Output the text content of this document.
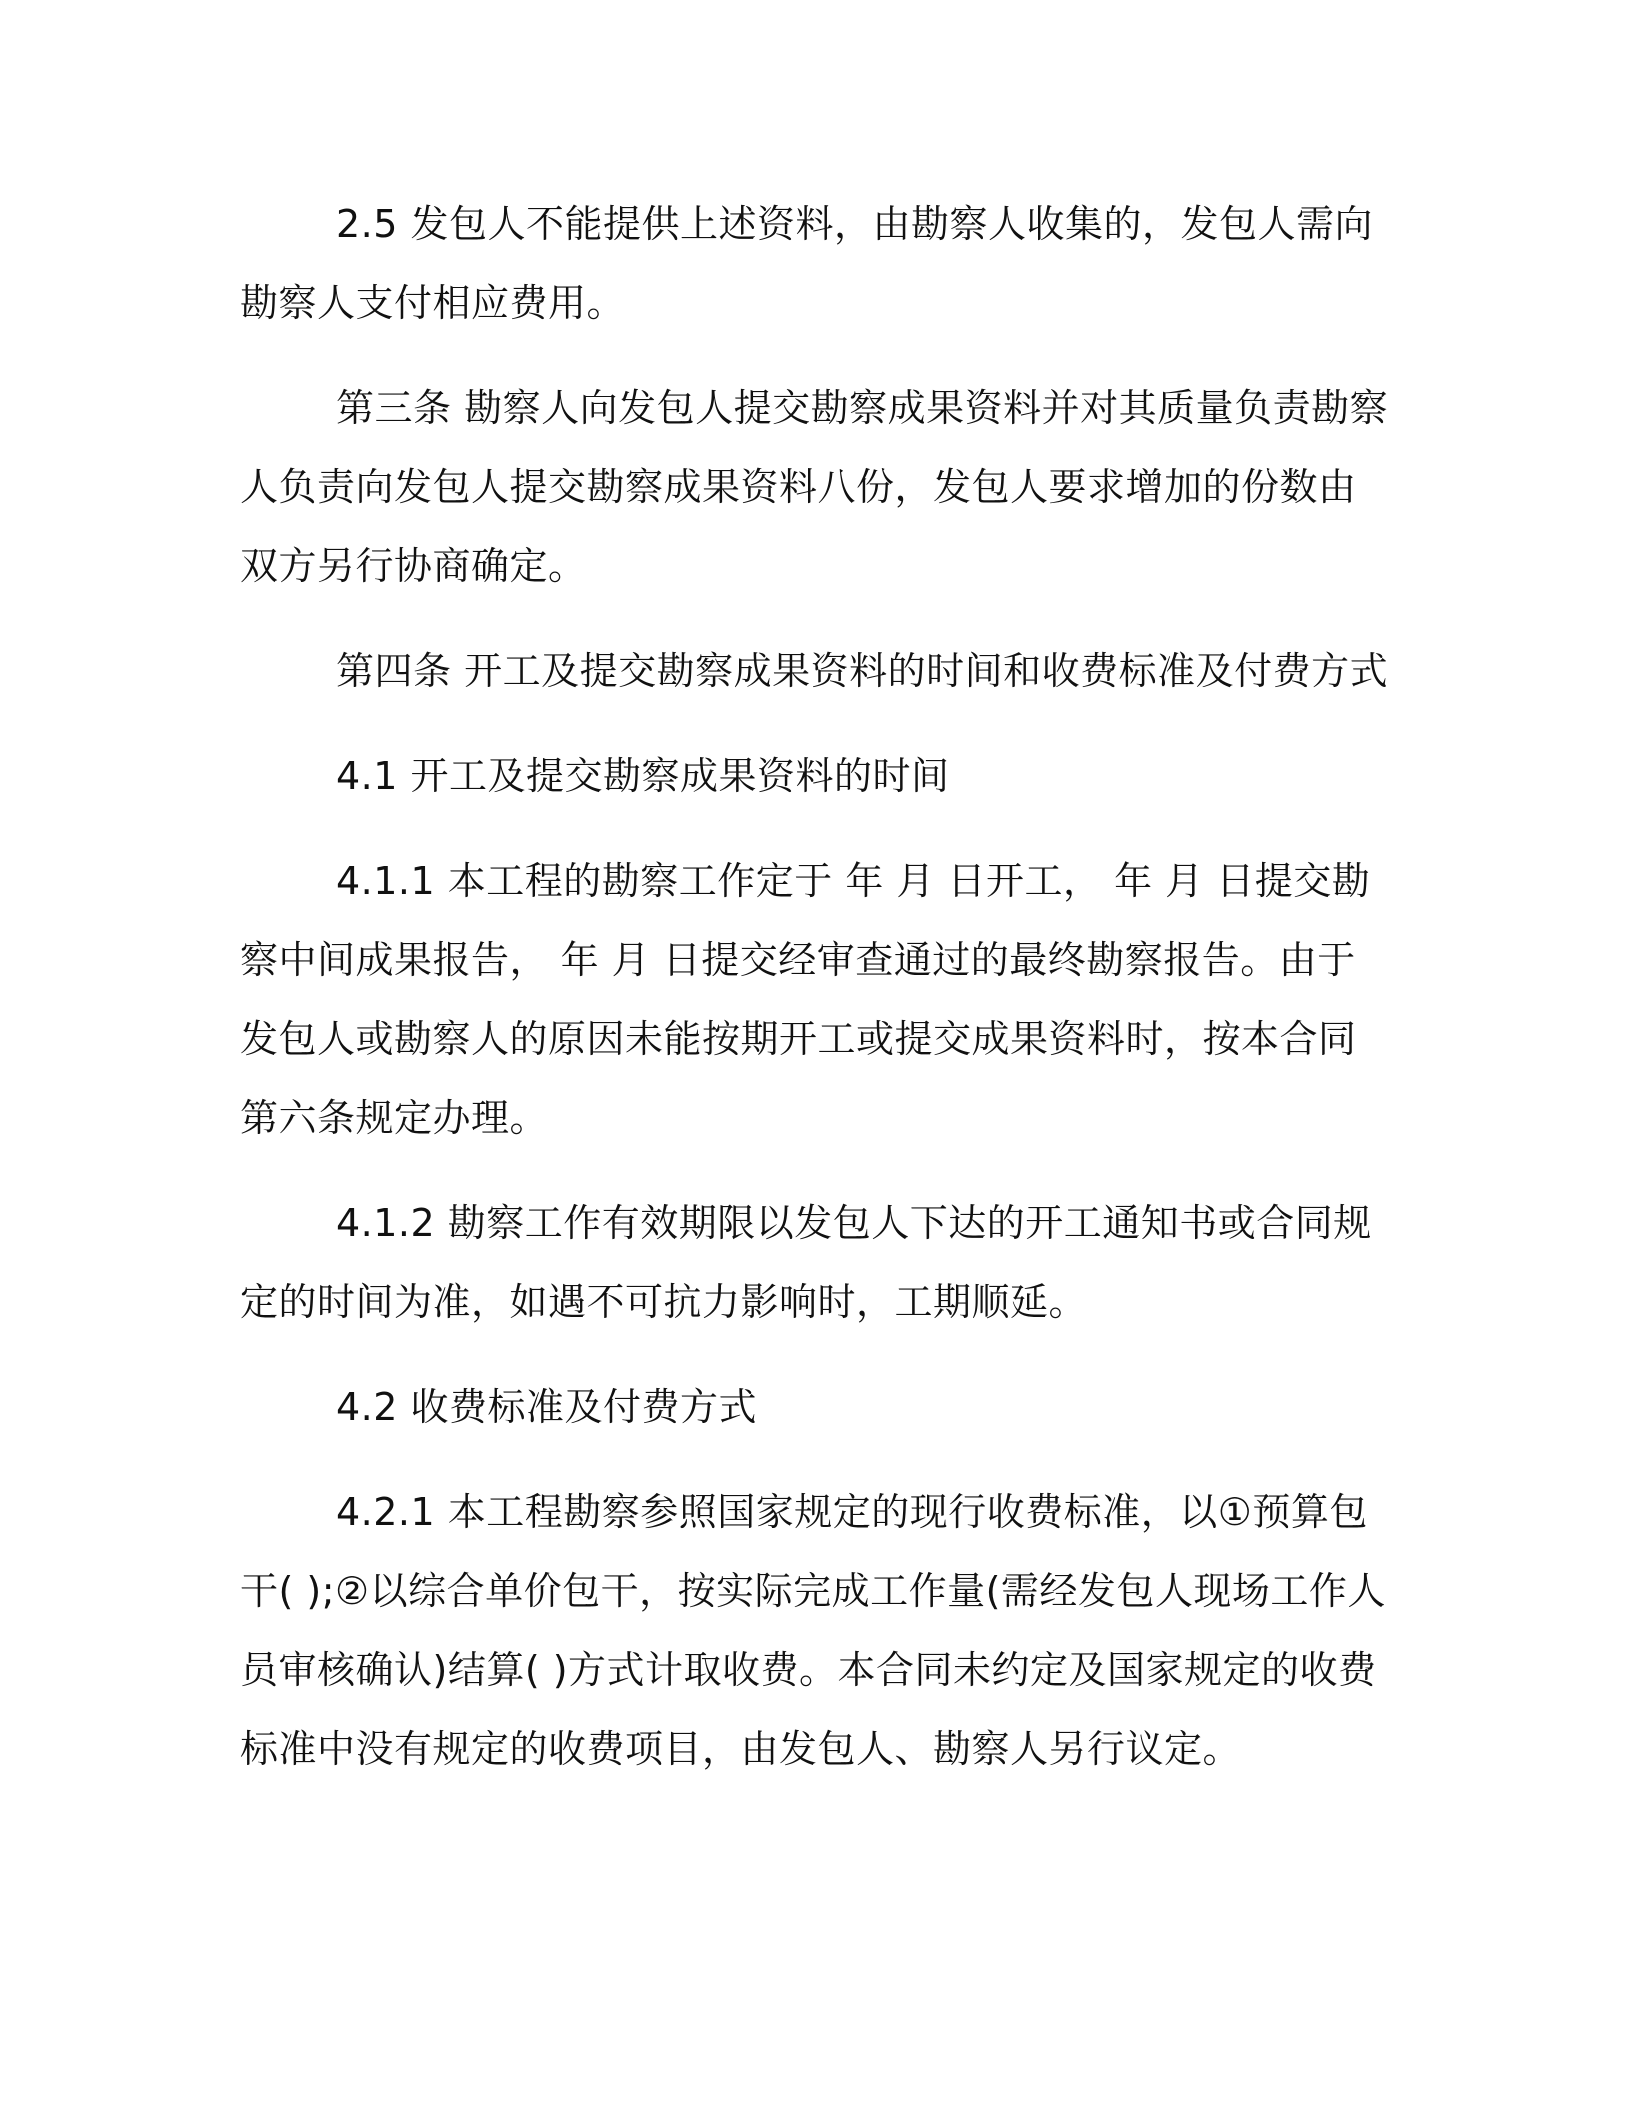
2.5 发包人不能提供上述资料，由勘察人收集的，发包人需向勘察人支付相应费用。

第三条 勘察人向发包人提交勘察成果资料并对其质量负责勘察人负责向发包人提交勘察成果资料八份，发包人要求增加的份数由双方另行协商确定。

第四条 开工及提交勘察成果资料的时间和收费标准及付费方式

4.1 开工及提交勘察成果资料的时间

4.1.1 本工程的勘察工作定于 年 月 日开工， 年 月 日提交勘察中间成果报告， 年 月 日提交经审查通过的最终勘察报告。由于发包人或勘察人的原因未能按期开工或提交成果资料时，按本合同第六条规定办理。

4.1.2 勘察工作有效期限以发包人下达的开工通知书或合同规定的时间为准，如遇不可抗力影响时，工期顺延。

4.2 收费标准及付费方式

4.2.1 本工程勘察参照国家规定的现行收费标准，以①预算包干( );②以综合单价包干，按实际完成工作量(需经发包人现场工作人员审核确认)结算( )方式计取收费。本合同未约定及国家规定的收费标准中没有规定的收费项目，由发包人、勘察人另行议定。
